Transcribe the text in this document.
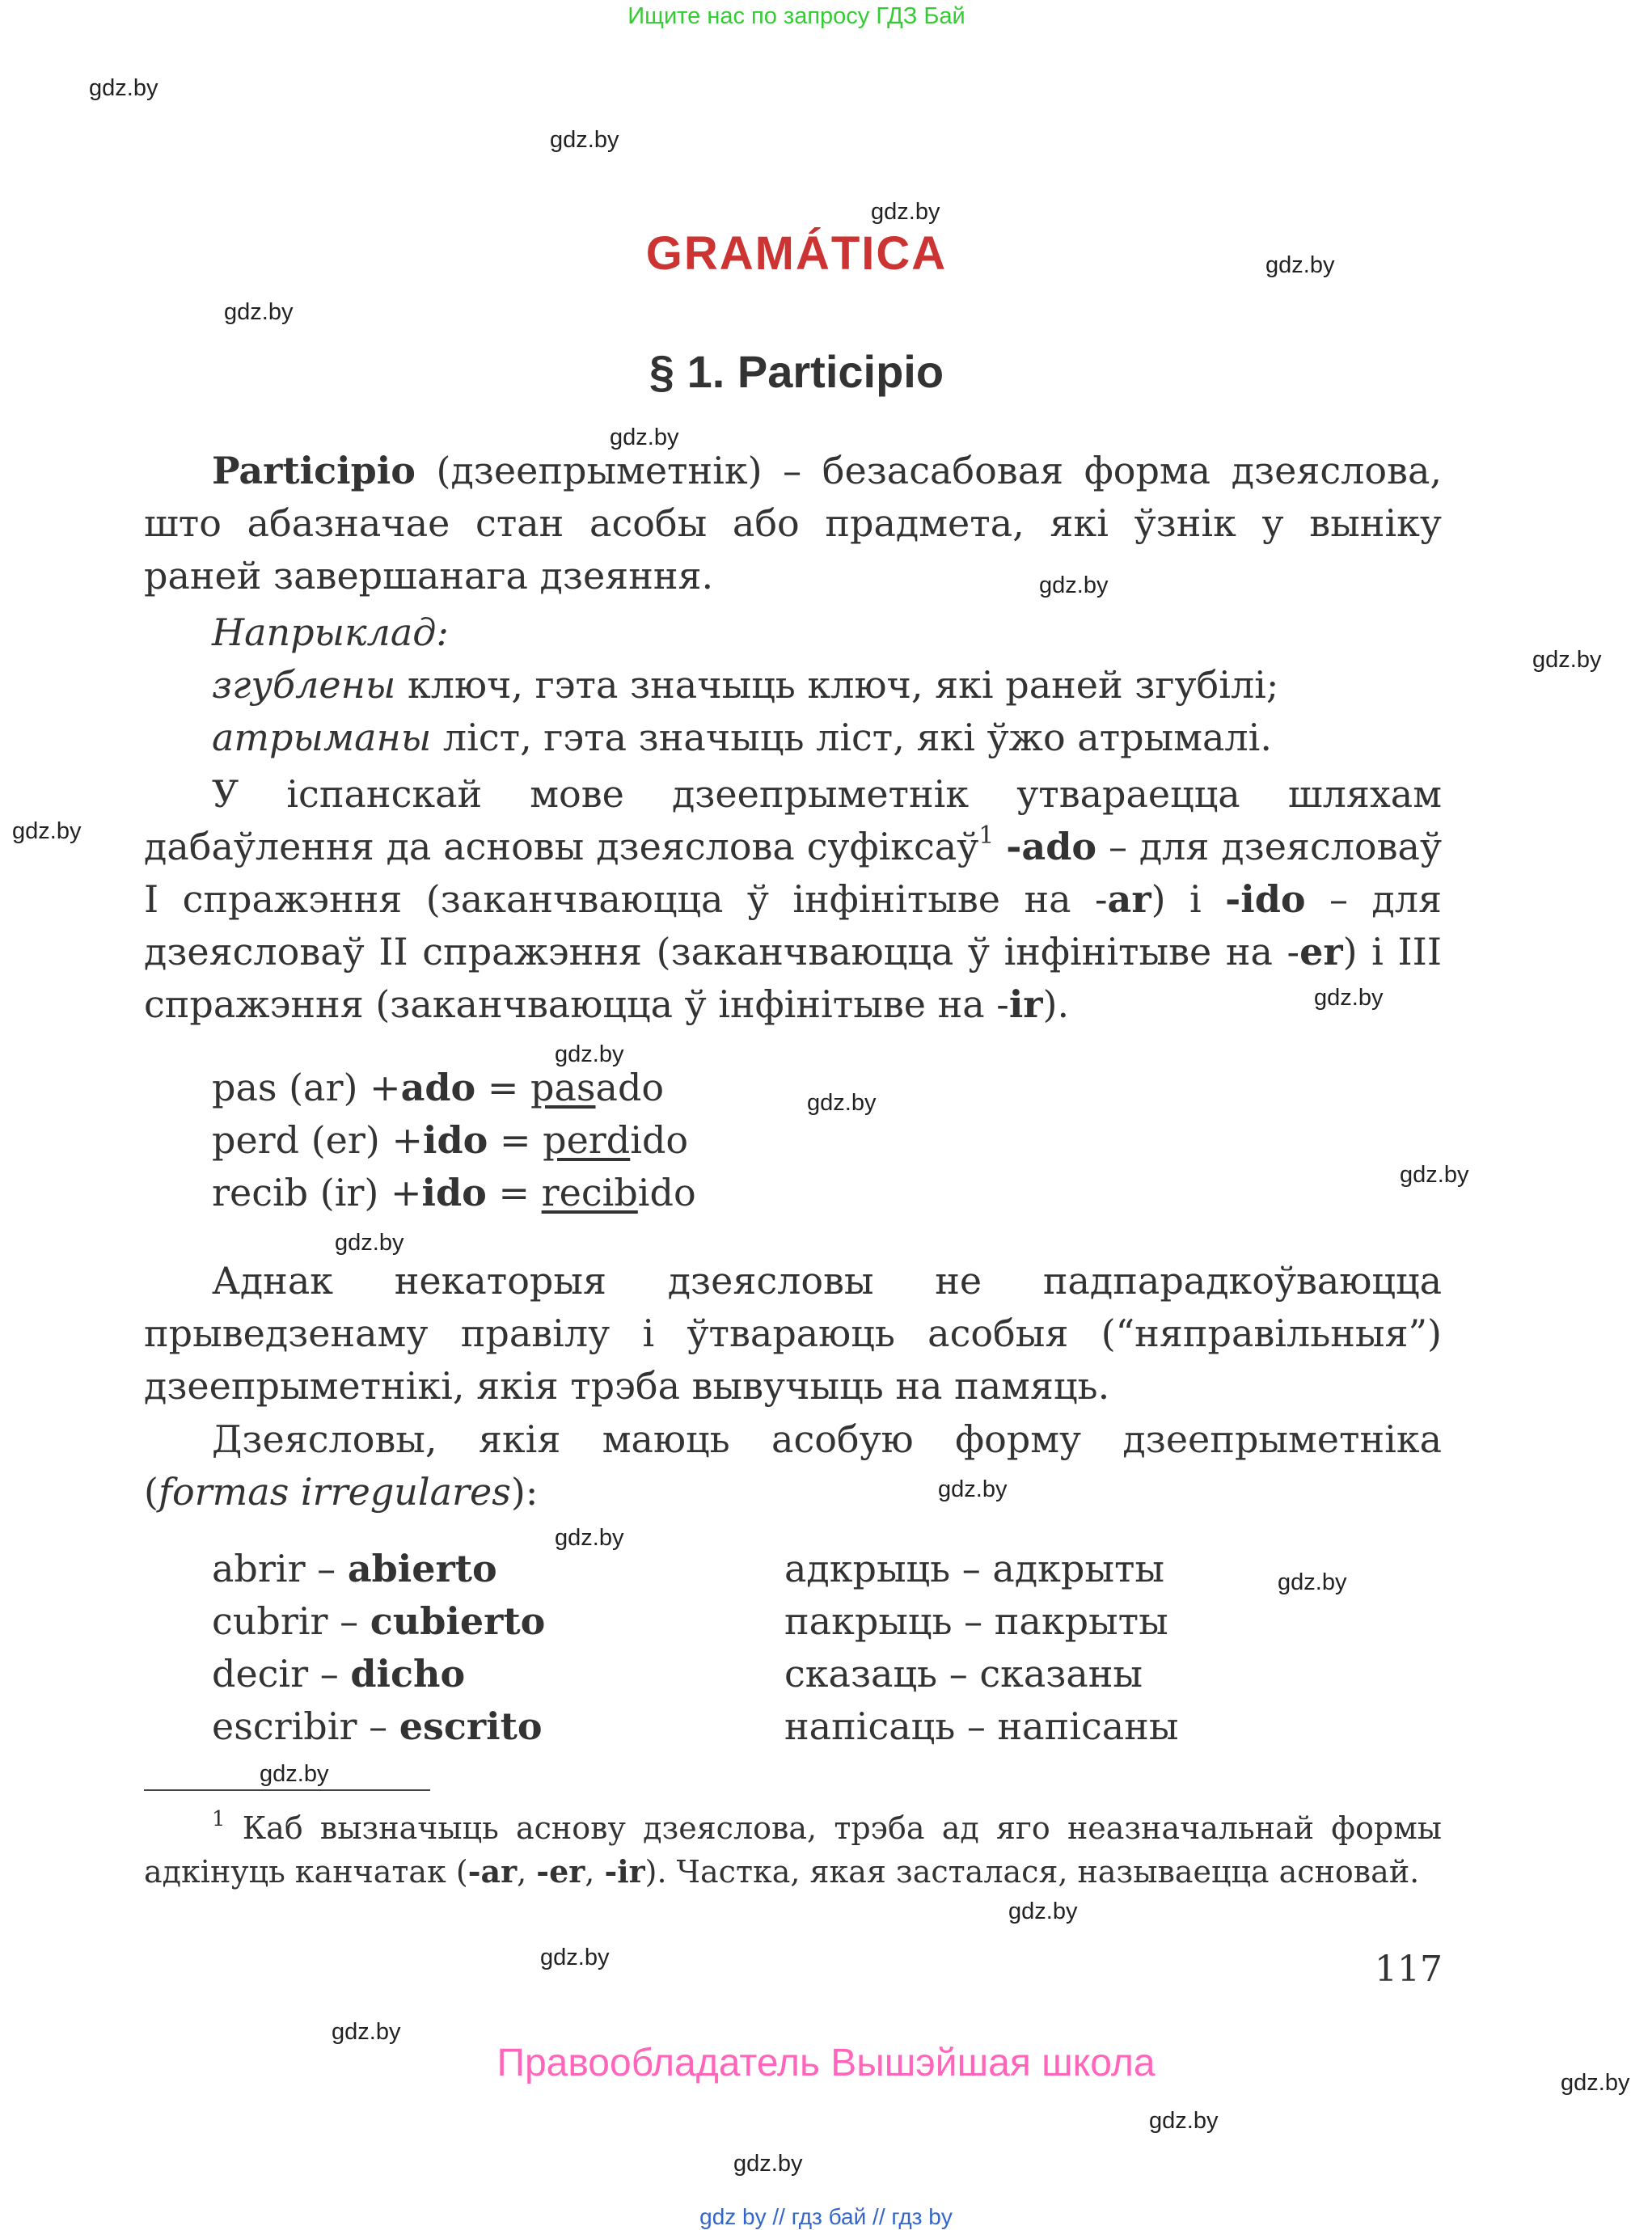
Ищите нас по запросу ГДЗ Бай
gdz.by
gdz.by
gdz.by
gdz.by
gdz.by
gdz.by
gdz.by
gdz.by
gdz.by
gdz.by
gdz.by
gdz.by
gdz.by
gdz.by
gdz.by
gdz.by
gdz.by
gdz.by
gdz.by
gdz.by
gdz.by
gdz.by
gdz.by
gdz.by
GRAMÁTICA
§ 1. Participio

Participio (дзеепрыметнік) – безасабовая форма дзеяслова, што абазначае стан асобы або прадмета, які ўзнік у выніку раней завершанага дзеяння.

Напрыклад:
згублены ключ, гэта значыць ключ, які раней згубілі;
атрыманы ліст, гэта значыць ліст, які ўжо атрымалі.

У іспанскай мове дзеепрыметнік утвараецца шляхам дабаўлення да асновы дзеяслова суфіксаў$^1$ -ado – для дзеясловаў I спражэння (заканчваюцца ў інфінітыве на -ar) і -ido – для дзеясловаў II спражэння (заканчваюцца ў інфінітыве на -er) і III спражэння (заканчваюцца ў інфінітыве на -ir).

pas (ar) +ado = pasado
perd (er) +ido = perdido
recib (ir) +ido = recibido

Аднак некаторыя дзеясловы не падпарадкоўваюцца прыведзенаму правілу і ўтвараюць асобыя (“няправільныя”) дзеепрыметнікі, якія трэба вывучыць на памяць.

Дзеясловы, якія маюць асобую форму дзеепрыметніка (formas irregulares):

abrir – abierto	адкрыць – адкрыты
cubrir – cubierto	пакрыць – пакрыты
decir – dicho	сказаць – сказаны
escribir – escrito	напісаць – напісаны

$^1$ Каб вызначыць аснову дзеяслова, трэба ад яго неазначальнай формы адкінуць канчатак (-ar, -er, -ir). Частка, якая засталася, называецца асновай.

117
Правообладатель Вышэйшая школа
gdz by // гдз бай // гдз by
